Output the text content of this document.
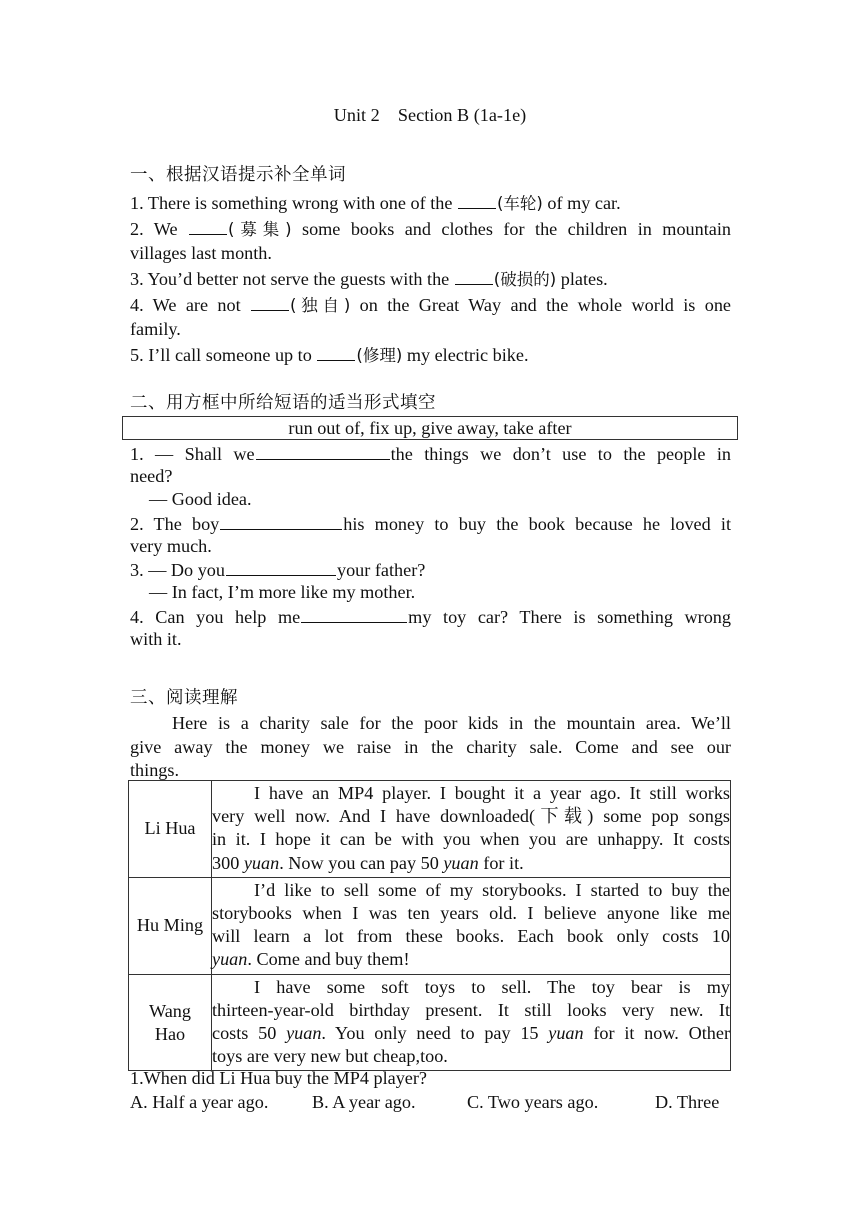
Unit 2    Section B (1a-1e)
一、根据汉语提示补全单词
1. There is something wrong with one of the (车轮) of my car.
2. We (募集) some books and clothes for the children in mountain
villages last month.
3. You’d better not serve the guests with the (破损的) plates.
4. We are not (独自) on the Great Way and the whole world is one
family.
5. I’ll call someone up to (修理) my electric bike.
二、用方框中所给短语的适当形式填空
run out of, fix up, give away, take after
1. — Shall we	the things we don’t use to the people in
need?
— Good idea.
2. The boy	his money to buy the book because he loved it
very much.
3. — Do you	your father?
— In fact, I’m more like my mother.
4. Can you help me	my toy car? There is something wrong
with it.
三、阅读理解
Here is a charity sale for the poor kids in the mountain area. We’ll
give away the money we raise in the charity sale. Come and see our
things.
Li Hua	I have an MP4 player. I bought it a year ago. It still works
very well now. And I have downloaded(下载) some pop songs
in it. I hope it can be with you when you are unhappy. It costs
300 yuan. Now you can pay 50 yuan for it.

Hu Ming	I’d like to sell some of my storybooks. I started to buy the
storybooks when I was ten years old. I believe anyone like me
will learn a lot from these books. Each book only costs 10
yuan. Come and buy them!

Wang
Hao	I have some soft toys to sell. The toy bear is my
thirteen-year-old birthday present. It still looks very new. It
costs 50 yuan. You only need to pay 15 yuan for it now. Other
toys are very new but cheap,too.
1.When did Li Hua buy the MP4 player?
A. Half a year ago. B. A year ago.	C. Two years ago.	D. Three
